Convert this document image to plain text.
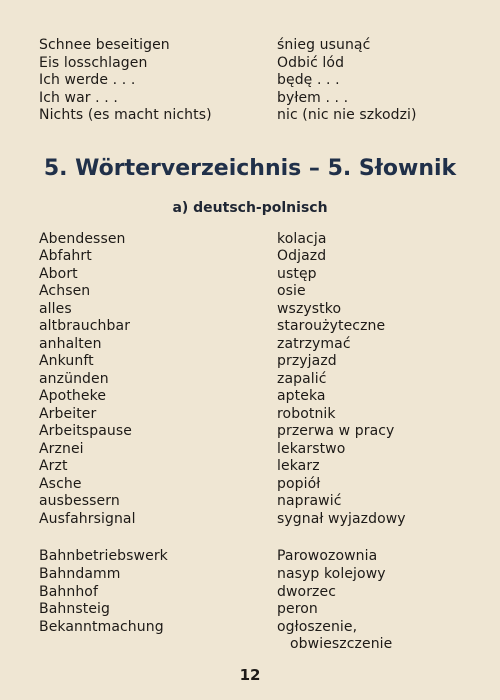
Schnee beseitigen	śnieg usunąć
Eis losschlagen	Odbić lód
Ich werde . . .	będę . . .
Ich war . . .	byłem . . .
Nichts (es macht nichts)	nic (nic nie szkodzi)
5. Wörterverzeichnis – 5. Słownik
a) deutsch-polnisch
Abendessen	kolacja
Abfahrt	Odjazd
Abort	ustęp
Achsen	osie
alles	wszystko
altbrauchbar	starоużyteczne
anhalten	zatrzymać
Ankunft	przyjazd
anzünden	zapalić
Apotheke	apteka
Arbeiter	robotnik
Arbeitspause	przerwa w pracy
Arznei	lekarstwo
Arzt	lekarz
Asche	popiół
ausbessern	naprawić
Ausfahrsignal	sygnał wyjazdowy
Bahnbetriebswerk	Parowozownia
Bahndamm	nasyp kolejowy
Bahnhof	dworzec
Bahnsteig	peron
Bekanntmachung	ogłoszenie,
obwieszczenie
12
